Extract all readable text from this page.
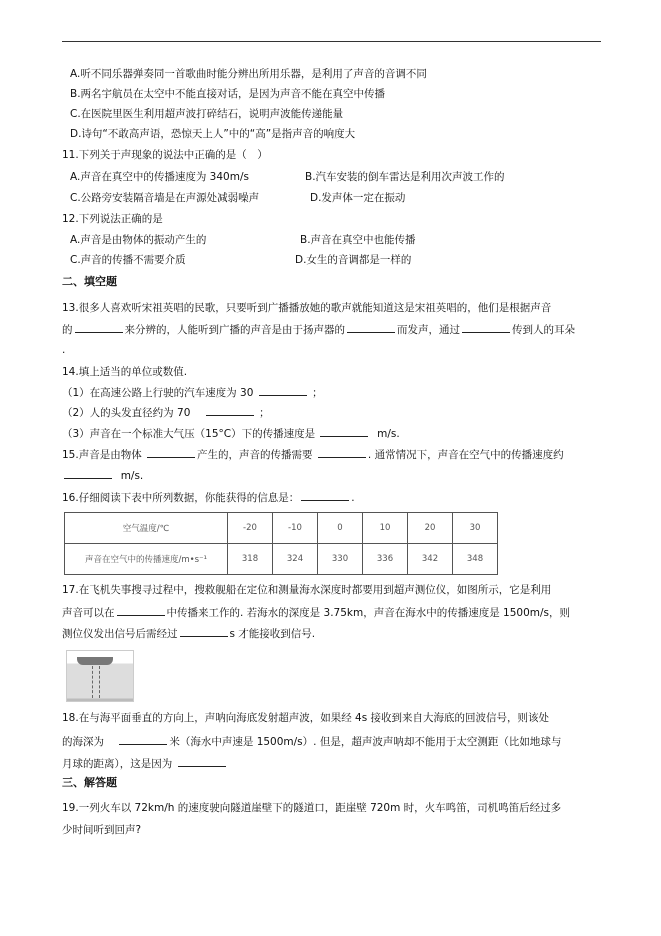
A.听不同乐器弹奏同一首歌曲时能分辨出所用乐器，是利用了声音的音调不同
B.两名宇航员在太空中不能直接对话，是因为声音不能在真空中传播
C.在医院里医生利用超声波打碎结石，说明声波能传递能量
D.诗句“不敢高声语，恐惊天上人”中的“高”是指声音的响度大
11.下列关于声现象的说法中正确的是（　）
A.声音在真空中的传播速度为 340m/s	B.汽车安装的倒车雷达是利用次声波工作的
C.公路旁安装隔音墙是在声源处减弱噪声	D.发声体一定在振动
12.下列说法正确的是
A.声音是由物体的振动产生的	B.声音在真空中也能传播
C.声音的传播不需要介质	D.女生的音调都是一样的
二、填空题
13.很多人喜欢听宋祖英唱的民歌，只要听到广播播放她的歌声就能知道这是宋祖英唱的，他们是根据声音
的	来分辨的，人能听到广播的声音是由于扬声器的	而发声，通过	传到人的耳朵
.
14.填上适当的单位或数值.
（1）在高速公路上行驶的汽车速度为 30	；
（2）人的头发直径约为 70	；
（3）声音在一个标准大气压（15°C）下的传播速度是	m/s.
15.声音是由物体	产生的，声音的传播需要	. 通常情况下，声音在空气中的传播速度约
m/s.
16.仔细阅读下表中所列数据，你能获得的信息是：	.
空气温度/℃	-20	-10	0	10	20	30
声音在空气中的传播速度/m•s⁻¹	318	324	330	336	342	348
17.在飞机失事搜寻过程中，搜救舰船在定位和测量海水深度时都要用到超声测位仪，如图所示，它是利用
声音可以在	中传播来工作的. 若海水的深度是 3.75km，声音在海水中的传播速度是 1500m/s，则
测位仪发出信号后需经过	s 才能接收到信号.
18.在与海平面垂直的方向上，声呐向海底发射超声波，如果经 4s 接收到来自大海底的回波信号，则该处
的海深为	米（海水中声速是 1500m/s）. 但是，超声波声呐却不能用于太空测距（比如地球与
月球的距离），这是因为
三、解答题
19.一列火车以 72km/h 的速度驶向隧道崖壁下的隧道口，距崖壁 720m 时，火车鸣笛，司机鸣笛后经过多
少时间听到回声?
